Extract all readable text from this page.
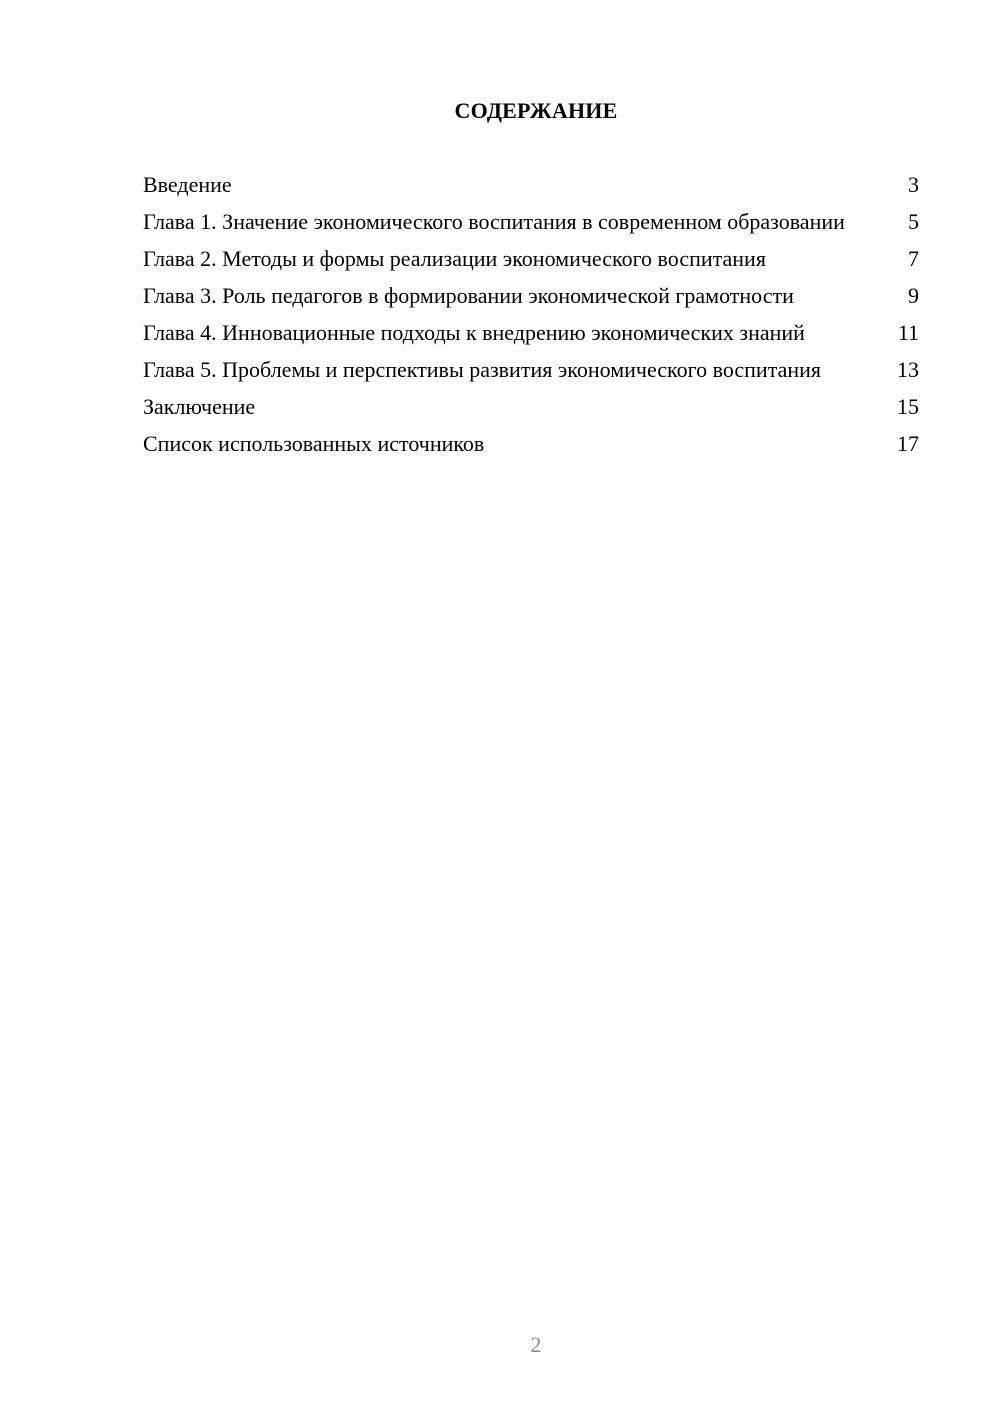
СОДЕРЖАНИЕ
Введение	3
Глава 1. Значение экономического воспитания в современном образовании	5
Глава 2. Методы и формы реализации экономического воспитания	7
Глава 3. Роль педагогов в формировании экономической грамотности	9
Глава 4. Инновационные подходы к внедрению экономических знаний	11
Глава 5. Проблемы и перспективы развития экономического воспитания	13
Заключение	15
Список использованных источников	17
2
